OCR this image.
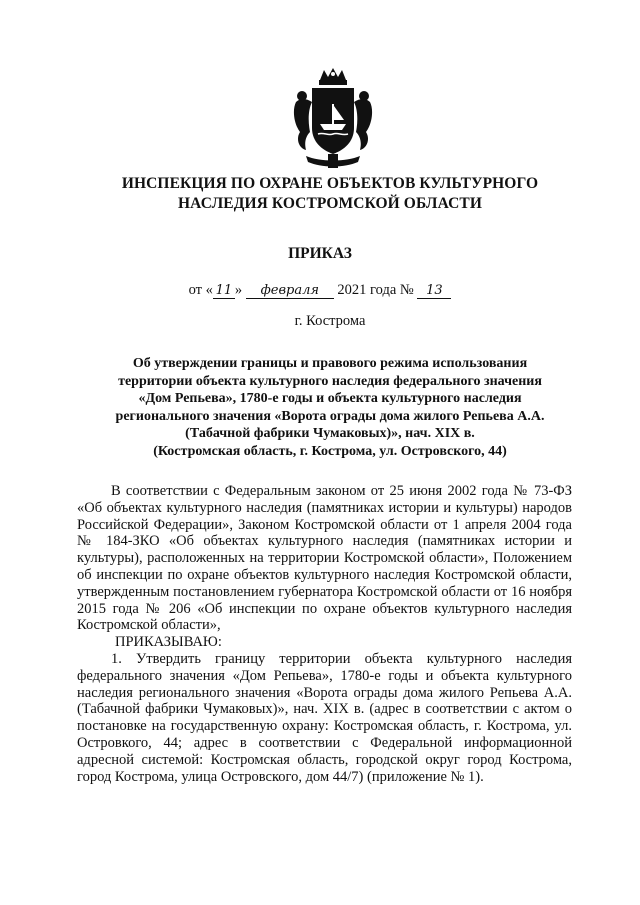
ИНСПЕКЦИЯ ПО ОХРАНЕ ОБЪЕКТОВ КУЛЬТУРНОГО
НАСЛЕДИЯ КОСТРОМСКОЙ ОБЛАСТИ
ПРИКАЗ
от « 11 » февраля 2021 года № 13
г. Кострома
Об утверждении границы и правового режима использования
территории объекта культурного наследия федерального значения
«Дом Репьева», 1780-е годы и объекта культурного наследия
регионального значения «Ворота ограды дома жилого Репьева А.А.
(Табачной фабрики Чумаковых)», нач. XIX в.
(Костромская область, г. Кострома, ул. Островского, 44)

В соответствии с Федеральным законом от 25 июня 2002 года № 73-ФЗ «Об объектах культурного наследия (памятниках истории и культуры) народов Российской Федерации», Законом Костромской области от 1 апреля 2004 года № 184-ЗКО «Об объектах культурного наследия (памятниках истории и культуры), расположенных на территории Костромской области», Положением об инспекции по охране объектов культурного наследия Костромской области, утвержденным постановлением губернатора Костромской области от 16 ноября 2015 года № 206 «Об инспекции по охране объектов культурного наследия Костромской области»,

ПРИКАЗЫВАЮ:

1. Утвердить границу территории объекта культурного наследия федерального значения «Дом Репьева», 1780-е годы и объекта культурного наследия регионального значения «Ворота ограды дома жилого Репьева А.А. (Табачной фабрики Чумаковых)», нач. XIX в. (адрес в соответствии с актом о постановке на государственную охрану: Костромская область, г. Кострома, ул. Островкого, 44; адрес в соответствии с Федеральной информационной адресной системой: Костромская область, городской округ город Кострома, город Кострома, улица Островского, дом 44/7) (приложение № 1).
